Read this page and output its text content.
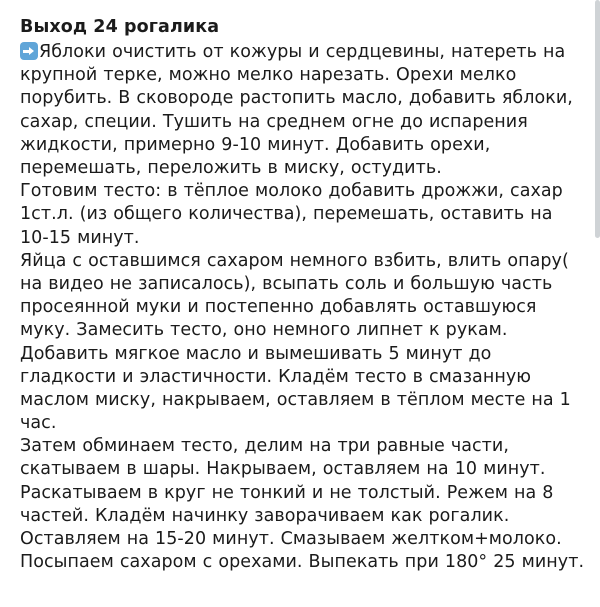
Выход 24 рогалика

Яблоки очистить от кожуры и сердцевины, натереть на крупной терке, можно мелко нарезать. Орехи мелко порубить. В сковороде растопить масло, добавить яблоки, сахар, специи. Тушить на среднем огне до испарения жидкости, примерно 9-10 минут. Добавить орехи, перемешать, переложить в миску, остудить.

Готовим тесто: в тёплое молоко добавить дрожжи, сахар 1ст.л. (из общего количества), перемешать, оставить на 10-15 минут.

Яйца с оставшимся сахаром немного взбить, влить опару( на видео не записалось), всыпать соль и большую часть просеянной муки и постепенно добавлять оставшуюся муку. Замесить тесто, оно немного липнет к рукам. Добавить мягкое масло и вымешивать 5 минут до гладкости и эластичности. Кладём тесто в смазанную маслом миску, накрываем, оставляем в тёплом месте на 1 час.

Затем обминаем тесто, делим на три равные части, скатываем в шары. Накрываем, оставляем на 10 минут. Раскатываем в круг не тонкий и не толстый. Режем на 8 частей. Кладём начинку заворачиваем как рогалик. Оставляем на 15-20 минут. Смазываем желтком+молоко. Посыпаем сахаром с орехами. Выпекать при 180° 25 минут.
